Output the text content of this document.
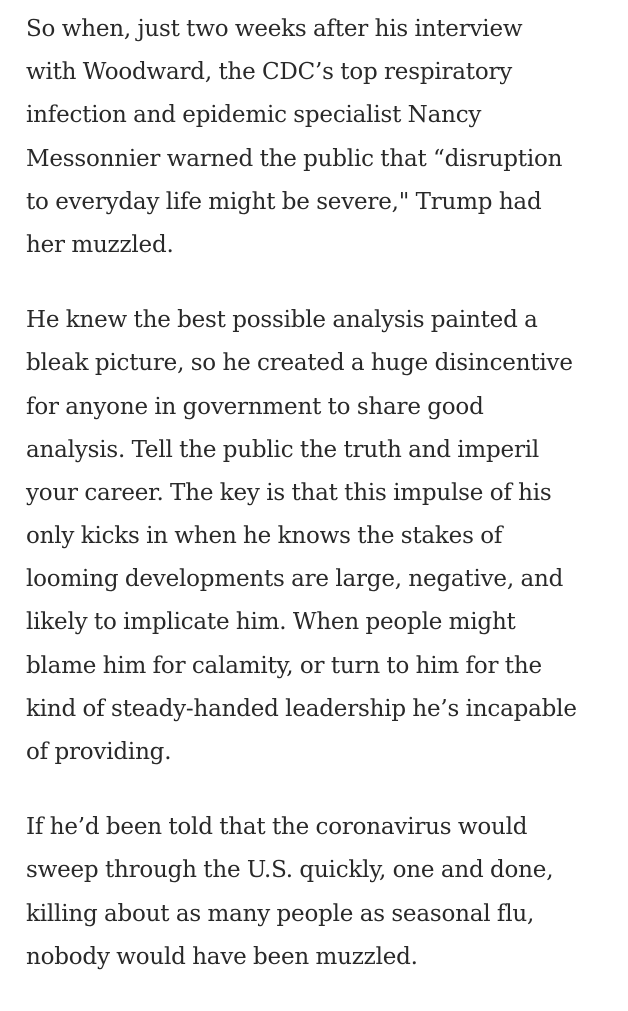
So when, just two weeks after his interview
with Woodward, the CDC’s top respiratory
infection and epidemic specialist Nancy
Messonnier warned the public that “disruption
to everyday life might be severe," Trump had
her muzzled.

He knew the best possible analysis painted a
bleak picture, so he created a huge disincentive
for anyone in government to share good
analysis. Tell the public the truth and imperil
your career. The key is that this impulse of his
only kicks in when he knows the stakes of
looming developments are large, negative, and
likely to implicate him. When people might
blame him for calamity, or turn to him for the
kind of steady-handed leadership he’s incapable
of providing.

If he’d been told that the coronavirus would
sweep through the U.S. quickly, one and done,
killing about as many people as seasonal flu,
nobody would have been muzzled.
